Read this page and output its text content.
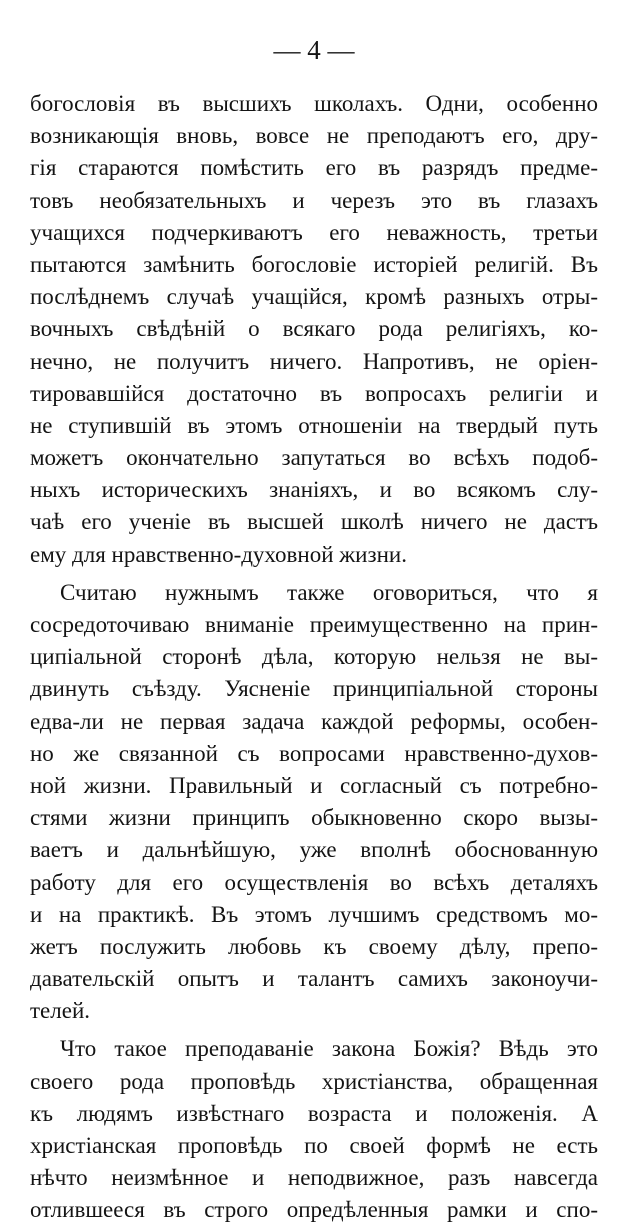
— 4 —
богословія въ высшихъ школахъ. Одни, особенно
возникающія вновь, вовсе не преподаютъ его, дру-
гія стараются помѣстить его въ разрядъ предме-
товъ необязательныхъ и черезъ это въ глазахъ
учащихся подчеркиваютъ его неважность, третьи
пытаются замѣнить богословіе исторіей религій. Въ
послѣднемъ случаѣ учащійся, кромѣ разныхъ отры-
вочныхъ свѣдѣній о всякаго рода религіяхъ, ко-
нечно, не получитъ ничего. Напротивъ, не оріен-
тировавшійся достаточно въ вопросахъ религіи и
не ступившій въ этомъ отношеніи на твердый путь
можетъ окончательно запутаться во всѣхъ подоб-
ныхъ историческихъ знаніяхъ, и во всякомъ слу-
чаѣ его ученіе въ высшей школѣ ничего не дастъ
ему для нравственно-духовной жизни.
Считаю нужнымъ также оговориться, что я
сосредоточиваю вниманіе преимущественно на прин-
ципіальной сторонѣ дѣла, которую нельзя не вы-
двинуть съѣзду. Уясненіе принципіальной стороны
едва-ли не первая задача каждой реформы, особен-
но же связанной съ вопросами нравственно-духов-
ной жизни. Правильный и согласный съ потребно-
стями жизни принципъ обыкновенно скоро вызы-
ваетъ и дальнѣйшую, уже вполнѣ обоснованную
работу для его осуществленія во всѣхъ деталяхъ
и на практикѣ. Въ этомъ лучшимъ средствомъ мо-
жетъ послужить любовь къ своему дѣлу, препо-
давательскій опытъ и талантъ самихъ законоучи-
телей.
Что такое преподаваніе закона Божія? Вѣдь это
своего рода проповѣдь христіанства, обращенная
къ людямъ извѣстнаго возраста и положенія. А
христіанская проповѣдь по своей формѣ не есть
нѣчто неизмѣнное и неподвижное, разъ навсегда
отлившееся въ строго опредѣленныя рамки и спо-
